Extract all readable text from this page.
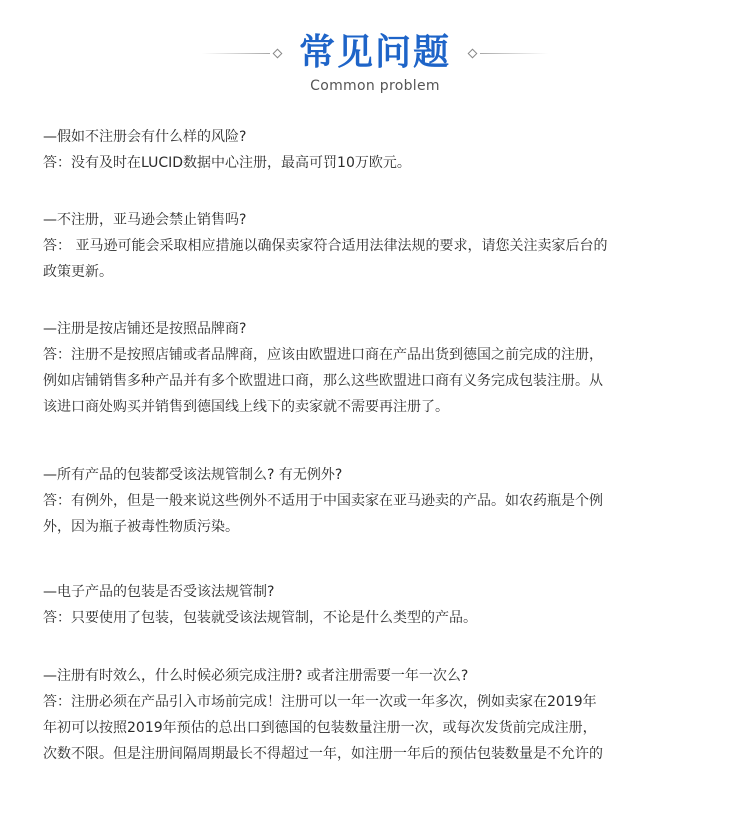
常见问题
Common problem

—假如不注册会有什么样的风险?

答：没有及时在LUCID数据中心注册，最高可罚10万欧元。

—不注册，亚马逊会禁止销售吗?

答： 亚马逊可能会采取相应措施以确保卖家符合适用法律法规的要求，请您关注卖家后台的
政策更新。

—注册是按店铺还是按照品牌商?

答：注册不是按照店铺或者品牌商，应该由欧盟进口商在产品出货到德国之前完成的注册，
例如店铺销售多种产品并有多个欧盟进口商，那么这些欧盟进口商有义务完成包装注册。从
该进口商处购买并销售到德国线上线下的卖家就不需要再注册了。

—所有产品的包装都受该法规管制么? 有无例外?

答：有例外，但是一般来说这些例外不适用于中国卖家在亚马逊卖的产品。如农药瓶是个例
外，因为瓶子被毒性物质污染。

—电子产品的包装是否受该法规管制?

答：只要使用了包装，包装就受该法规管制，不论是什么类型的产品。

—注册有时效么，什么时候必须完成注册? 或者注册需要一年一次么?

答：注册必须在产品引入市场前完成！注册可以一年一次或一年多次，例如卖家在2019年
年初可以按照2019年预估的总出口到德国的包装数量注册一次，或每次发货前完成注册，
次数不限。但是注册间隔周期最长不得超过一年，如注册一年后的预估包装数量是不允许的
